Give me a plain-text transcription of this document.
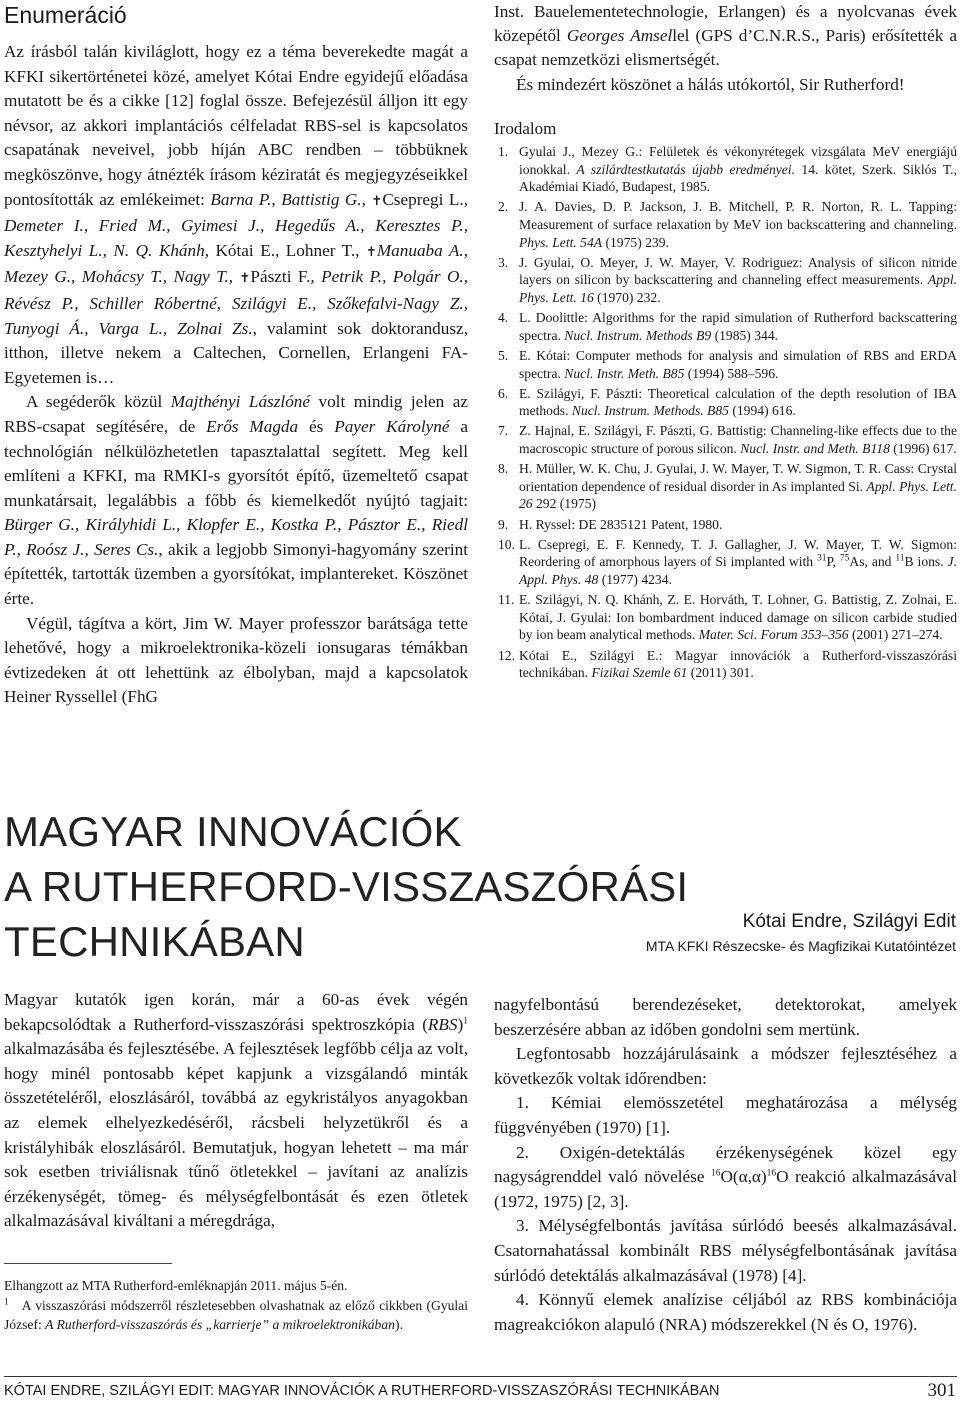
Enumeráció

Az írásból talán kiviláglott, hogy ez a téma beverekedte magát a KFKI sikertörténetei közé, amelyet Kótai Endre egyidejű előadása mutatott be és a cikke [12] foglal össze. Befejezésül álljon itt egy névsor, az akkori implantációs célfeladat RBS-sel is kapcsolatos csapatának neveivel, jobb híján ABC rendben – többüknek megköszönve, hogy átnézték írásom kéziratát és megjegyzéseikkel pontosították az emlékeimet: Barna P., Battistig G., ✝Csepregi L., Demeter I., Fried M., Gyimesi J., Hegedűs A., Keresztes P., Kesztyhelyi L., N. Q. Khánh, Kótai E., Lohner T., ✝Manuaba A., Mezey G., Mohácsy T., Nagy T., ✝Pászti F., Petrik P., Polgár O., Révész P., Schiller Róbertné, Szilágyi E., Szőkefalvi-Nagy Z., Tunyogi Á., Varga L., Zolnai Zs., valamint sok doktorandusz, itthon, illetve nekem a Caltechen, Cornellen, Erlangeni FA-Egyetemen is…

A segéderők közül Majthényi Lászlóné volt mindig jelen az RBS-csapat segítésére, de Erős Magda és Payer Károlyné a technológián nélkülözhetetlen tapasztalattal segített. Meg kell említeni a KFKI, ma RMKI-s gyorsítót építő, üzemeltető csapat munkatársait, legalábbis a főbb és kiemelkedőt nyújtó tagjait: Bürger G., Királyhidi L., Klopfer E., Kostka P., Pásztor E., Riedl P., Roósz J., Seres Cs., akik a legjobb Simonyi-hagyomány szerint építették, tartották üzemben a gyorsítókat, implantereket. Köszönet érte.

Végül, tágítva a kört, Jim W. Mayer professzor barátsága tette lehetővé, hogy a mikroelektronika-közeli ionsugaras témákban évtizedeken át ott lehettünk az élbolyban, majd a kapcsolatok Heiner Ryssellel (FhG

Inst. Bauelementetechnologie, Erlangen) és a nyolcvanas évek közepétől Georges Amsellel (GPS d’C.N.R.S., Paris) erősítették a csapat nemzetközi elismertségét.

És mindezért köszönet a hálás utókortól, Sir Rutherford!

Irodalom

1. Gyulai J., Mezey G.: Felületek és vékonyrétegek vizsgálata MeV energiájú ionokkal. A szilárdtestkutatás újabb eredményei. 14. kötet, Szerk. Siklós T., Akadémiai Kiadó, Budapest, 1985.
2. J. A. Davies, D. P. Jackson, J. B. Mitchell, P. R. Norton, R. L. Tapping: Measurement of surface relaxation by MeV ion backscattering and channeling. Phys. Lett. 54A (1975) 239.
3. J. Gyulai, O. Meyer, J. W. Mayer, V. Rodriguez: Analysis of silicon nitride layers on silicon by backscattering and channeling effect measurements. Appl. Phys. Lett. 16 (1970) 232.
4. L. Doolittle: Algorithms for the rapid simulation of Rutherford backscattering spectra. Nucl. Instrum. Methods B9 (1985) 344.
5. E. Kótai: Computer methods for analysis and simulation of RBS and ERDA spectra. Nucl. Instr. Meth. B85 (1994) 588–596.
6. E. Szilágyi, F. Pászti: Theoretical calculation of the depth resolution of IBA methods. Nucl. Instrum. Methods. B85 (1994) 616.
7. Z. Hajnal, E. Szilágyi, F. Pászti, G. Battistig: Channeling-like effects due to the macroscopic structure of porous silicon. Nucl. Instr. and Meth. B118 (1996) 617.
8. H. Müller, W. K. Chu, J. Gyulai, J. W. Mayer, T. W. Sigmon, T. R. Cass: Crystal orientation dependence of residual disorder in As implanted Si. Appl. Phys. Lett. 26 292 (1975)
9. H. Ryssel: DE 2835121 Patent, 1980.
10. L. Csepregi, E. F. Kennedy, T. J. Gallagher, J. W. Mayer, T. W. Sigmon: Reordering of amorphous layers of Si implanted with $^{31}$P, $^{75}$As, and $^{11}$B ions. J. Appl. Phys. 48 (1977) 4234.
11. E. Szilágyi, N. Q. Khánh, Z. E. Horváth, T. Lohner, G. Battistig, Z. Zolnai, E. Kótai, J. Gyulai: Ion bombardment induced damage on silicon carbide studied by ion beam analytical methods. Mater. Sci. Forum 353–356 (2001) 271–274.
12. Kótai E., Szilágyi E.: Magyar innovációk a Rutherford-visszaszórási technikában. Fizikai Szemle 61 (2011) 301.
MAGYAR INNOVÁCIÓK
A RUTHERFORD-VISSZASZÓRÁSI TECHNIKÁBAN	Kótai Endre, Szilágyi Edit
MTA KFKI Részecske- és Magfizikai Kutatóintézet

Magyar kutatók igen korán, már a 60-as évek végén bekapcsolódtak a Rutherford-visszaszórási spektroszkópia (RBS)$^1$ alkalmazásába és fejlesztésébe. A fejlesztések legfőbb célja az volt, hogy minél pontosabb képet kapjunk a vizsgálandó minták összetételéről, eloszlásáról, továbbá az egykristályos anyagokban az elemek elhelyezkedéséről, rácsbeli helyzetükről és a kristályhibák eloszlásáról. Bemutatjuk, hogyan lehetett – ma már sok esetben triviálisnak tűnő ötletekkel – javítani az analízis érzékenységét, tömeg- és mélységfelbontását és ezen ötletek alkalmazásával kiváltani a méregdrága,

Elhangzott az MTA Rutherford-emléknapján 2011. május 5-én.

$^1$ A visszaszórási módszerről részletesebben olvashatnak az előző cikkben (Gyulai József: A Rutherford-visszaszórás és „karrierje” a mikroelektronikában).

nagyfelbontású berendezéseket, detektorokat, amelyek beszerzésére abban az időben gondolni sem mertünk.

Legfontosabb hozzájárulásaink a módszer fejlesztéséhez a következők voltak időrendben:

1. Kémiai elemösszetétel meghatározása a mélység függvényében (1970) [1].

2. Oxigén-detektálás érzékenységének közel egy nagyságrenddel való növelése $^{16}O(\alpha,\alpha)^{16}O$ reakció alkalmazásával (1972, 1975) [2, 3].

3. Mélységfelbontás javítása súrlódó beesés alkalmazásával. Csatornahatással kombinált RBS mélységfelbontásának javítása súrlódó detektálás alkalmazásával (1978) [4].

4. Könnyű elemek analízise céljából az RBS kombinációja magreakciókon alapuló (NRA) módszerekkel (N és O, 1976).

KÓTAI ENDRE, SZILÁGYI EDIT: MAGYAR INNOVÁCIÓK A RUTHERFORD-VISSZASZÓRÁSI TECHNIKÁBAN	301
